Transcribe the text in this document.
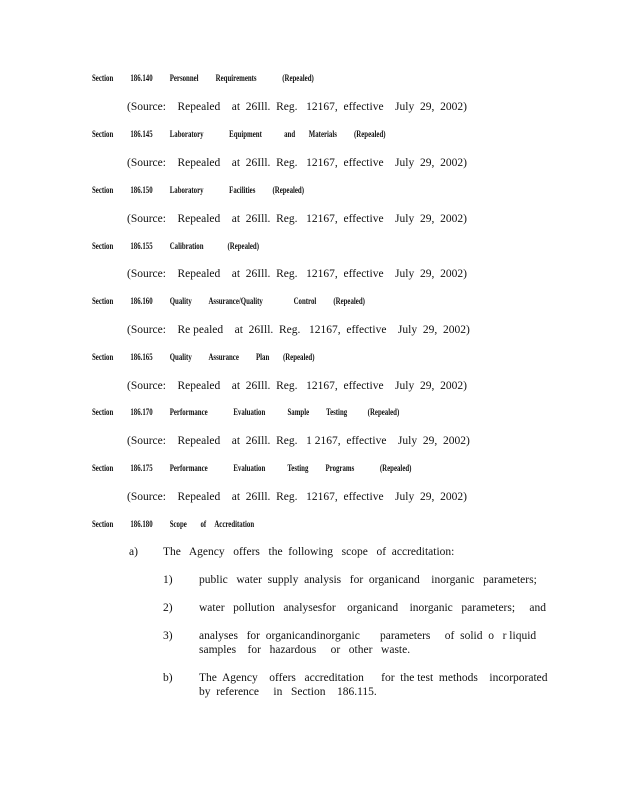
Section          186.140          Personnel          Requirements               (Repealed)
(Source:    Repealed    at  26Ill.  Reg.   12167,  effective    July  29,  2002)
Section          186.145          Laboratory               Equipment             and        Materials          (Repealed)
(Source:    Repealed    at  26Ill.  Reg.   12167,  effective    July  29,  2002)
Section          186.150          Laboratory               Facilities          (Repealed)
(Source:    Repealed    at  26Ill.  Reg.   12167,  effective    July  29,  2002)
Section          186.155          Calibration              (Repealed)
(Source:    Repealed    at  26Ill.  Reg.   12167,  effective    July  29,  2002)
Section          186.160          Quality          Assurance/Quality                  Control          (Repealed)
(Source:    Re pealed    at  26Ill.  Reg.   12167,  effective    July  29,  2002)
Section          186.165          Quality          Assurance          Plan        (Repealed)
(Source:    Repealed    at  26Ill.  Reg.   12167,  effective    July  29,  2002)
Section          186.170          Performance               Evaluation             Sample          Testing            (Repealed)
(Source:    Repealed    at  26Ill.  Reg.   1 2167,  effective    July  29,  2002)
Section          186.175          Performance               Evaluation             Testing          Programs               (Repealed)
(Source:    Repealed    at  26Ill.  Reg.   12167,  effective    July  29,  2002)
Section          186.180          Scope        of     Accreditation
a) The   Agency   offers   the  following   scope   of  accreditation:
1) public   water  supply  analysis   for  organicand    inorganic   parameters;
2) water   pollution   analysesfor    organicand    inorganic   parameters;     and
3) analyses   for  organicandinorganic       parameters     of  solid  o   r liquid
samples    for   hazardous     or   other   waste.
b) The  Agency    offers   accreditation      for  the test  methods    incorporated
by  reference     in   Section    186.115.
